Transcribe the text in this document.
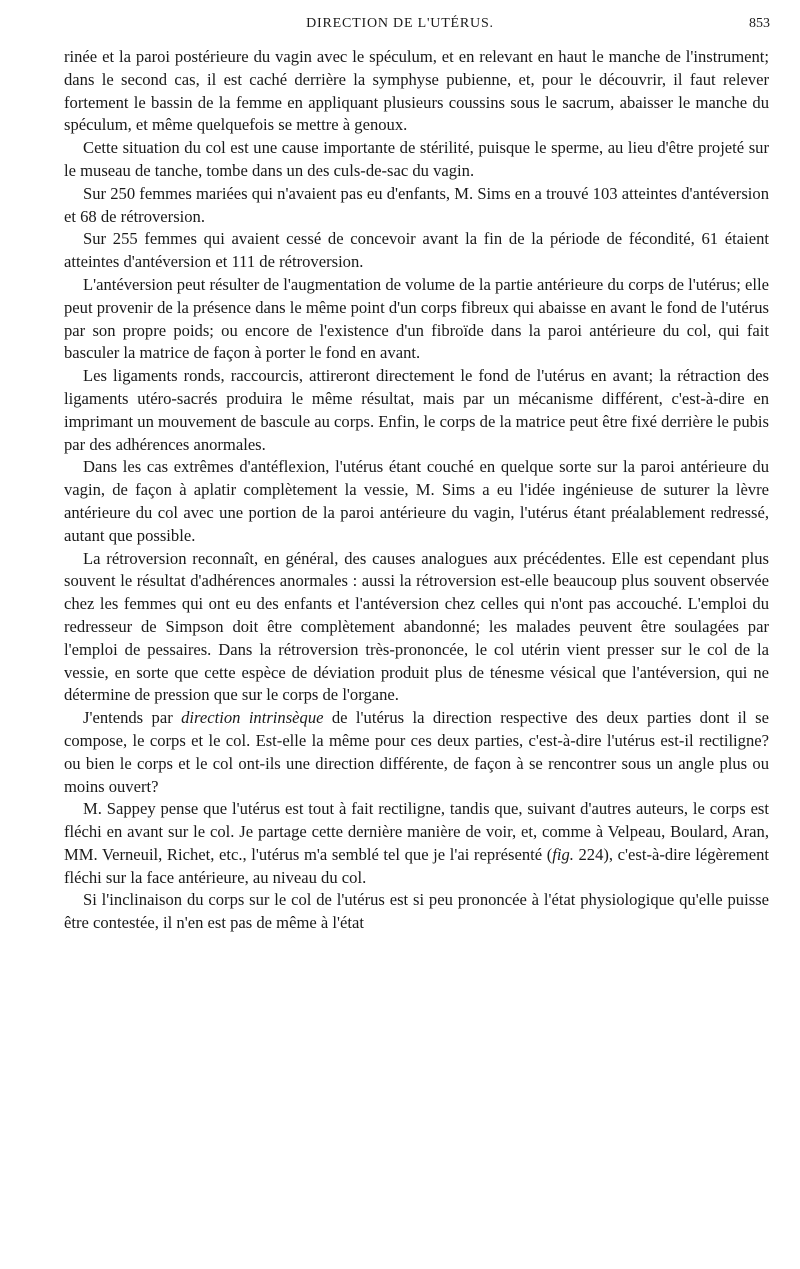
DIRECTION DE L'UTÉRUS.	853

rinée et la paroi postérieure du vagin avec le spéculum, et en relevant en haut le manche de l'instrument; dans le second cas, il est caché derrière la symphyse pubienne, et, pour le découvrir, il faut relever fortement le bassin de la femme en appliquant plusieurs coussins sous le sacrum, abaisser le manche du spéculum, et même quelquefois se mettre à genoux.

Cette situation du col est une cause importante de stérilité, puisque le sperme, au lieu d'être projeté sur le museau de tanche, tombe dans un des culs-de-sac du vagin.

Sur 250 femmes mariées qui n'avaient pas eu d'enfants, M. Sims en a trouvé 103 atteintes d'antéversion et 68 de rétroversion.

Sur 255 femmes qui avaient cessé de concevoir avant la fin de la période de fécondité, 61 étaient atteintes d'antéversion et 111 de rétroversion.

L'antéversion peut résulter de l'augmentation de volume de la partie antérieure du corps de l'utérus; elle peut provenir de la présence dans le même point d'un corps fibreux qui abaisse en avant le fond de l'utérus par son propre poids; ou encore de l'existence d'un fibroïde dans la paroi antérieure du col, qui fait basculer la matrice de façon à porter le fond en avant.

Les ligaments ronds, raccourcis, attireront directement le fond de l'utérus en avant; la rétraction des ligaments utéro-sacrés produira le même résultat, mais par un mécanisme différent, c'est-à-dire en imprimant un mouvement de bascule au corps. Enfin, le corps de la matrice peut être fixé derrière le pubis par des adhérences anormales.

Dans les cas extrêmes d'antéflexion, l'utérus étant couché en quelque sorte sur la paroi antérieure du vagin, de façon à aplatir complètement la vessie, M. Sims a eu l'idée ingénieuse de suturer la lèvre antérieure du col avec une portion de la paroi antérieure du vagin, l'utérus étant préalablement redressé, autant que possible.

La rétroversion reconnaît, en général, des causes analogues aux précédentes. Elle est cependant plus souvent le résultat d'adhérences anormales : aussi la rétroversion est-elle beaucoup plus souvent observée chez les femmes qui ont eu des enfants et l'antéversion chez celles qui n'ont pas accouché. L'emploi du redresseur de Simpson doit être complètement abandonné; les malades peuvent être soulagées par l'emploi de pessaires. Dans la rétroversion très-prononcée, le col utérin vient presser sur le col de la vessie, en sorte que cette espèce de déviation produit plus de ténesme vésical que l'antéversion, qui ne détermine de pression que sur le corps de l'organe.

J'entends par direction intrinsèque de l'utérus la direction respective des deux parties dont il se compose, le corps et le col. Est-elle la même pour ces deux parties, c'est-à-dire l'utérus est-il rectiligne? ou bien le corps et le col ont-ils une direction différente, de façon à se rencontrer sous un angle plus ou moins ouvert?

M. Sappey pense que l'utérus est tout à fait rectiligne, tandis que, suivant d'autres auteurs, le corps est fléchi en avant sur le col. Je partage cette dernière manière de voir, et, comme à Velpeau, Boulard, Aran, MM. Verneuil, Richet, etc., l'utérus m'a semblé tel que je l'ai représenté (fig. 224), c'est-à-dire légèrement fléchi sur la face antérieure, au niveau du col.

Si l'inclinaison du corps sur le col de l'utérus est si peu prononcée à l'état physiologique qu'elle puisse être contestée, il n'en est pas de même à l'état
